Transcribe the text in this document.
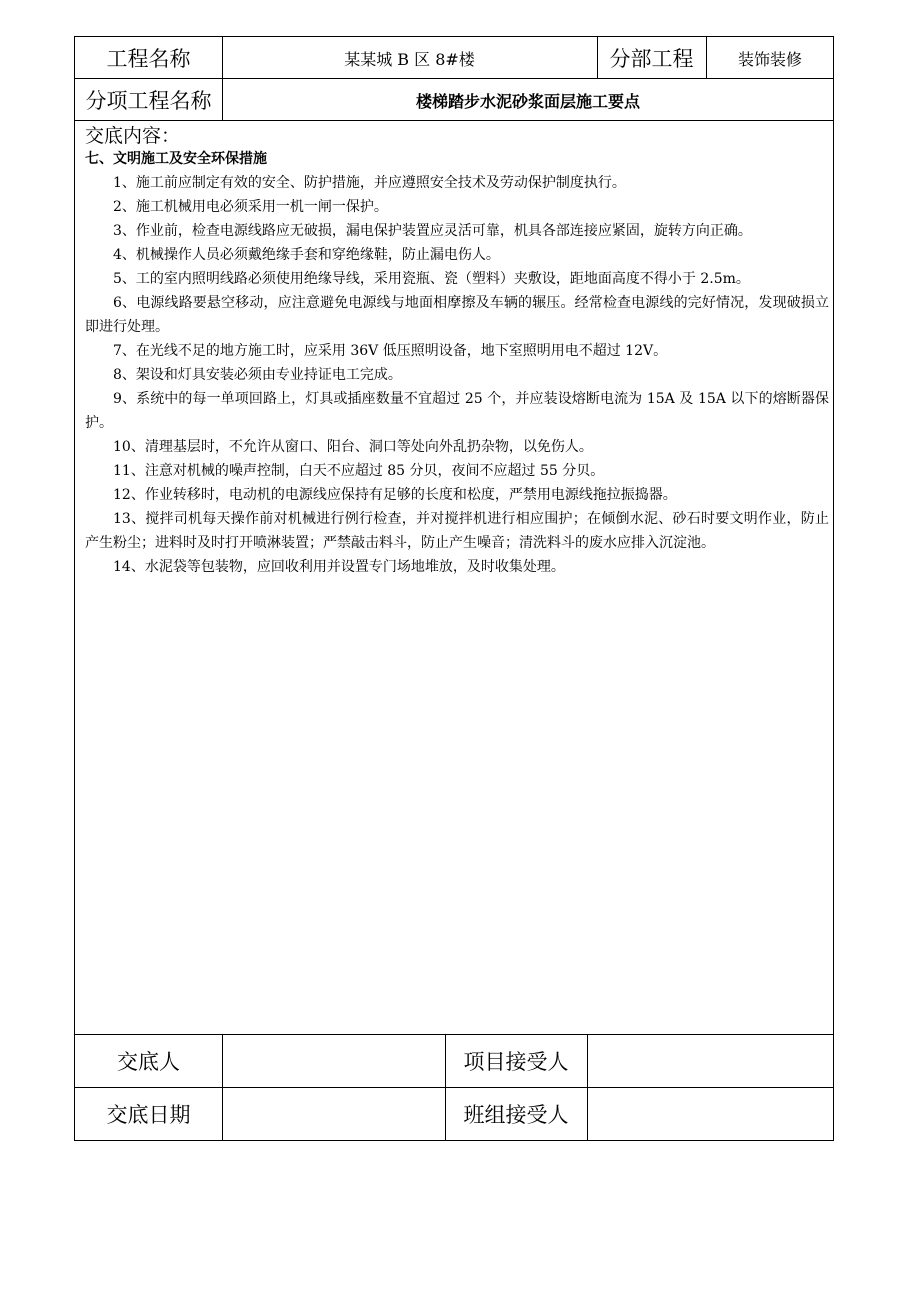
工程名称	某某城 B 区 8#楼	分部工程	装饰装修
分项工程名称	楼梯踏步水泥砂浆面层施工要点

交底内容：

七、文明施工及安全环保措施

1、施工前应制定有效的安全、防护措施，并应遵照安全技术及劳动保护制度执行。

2、施工机械用电必须采用一机一闸一保护。

3、作业前，检查电源线路应无破损，漏电保护装置应灵活可靠，机具各部连接应紧固，旋转方向正确。

4、机械操作人员必须戴绝缘手套和穿绝缘鞋，防止漏电伤人。

5、工的室内照明线路必须使用绝缘导线，采用瓷瓶、瓷（塑料）夹敷设，距地面高度不得小于 2.5m。

6、电源线路要悬空移动，应注意避免电源线与地面相摩擦及车辆的辗压。经常检查电源线的完好情况，发现破损立即进行处理。

7、在光线不足的地方施工时，应采用 36V 低压照明设备，地下室照明用电不超过 12V。

8、架设和灯具安装必须由专业持证电工完成。

9、系统中的每一单项回路上，灯具或插座数量不宜超过 25 个，并应装设熔断电流为 15A 及 15A 以下的熔断器保护。

10、清理基层时，不允许从窗口、阳台、洞口等处向外乱扔杂物，以免伤人。

11、注意对机械的噪声控制，白天不应超过 85 分贝，夜间不应超过 55 分贝。

12、作业转移时，电动机的电源线应保持有足够的长度和松度，严禁用电源线拖拉振捣器。

13、搅拌司机每天操作前对机械进行例行检查，并对搅拌机进行相应围护；在倾倒水泥、砂石时要文明作业，防止产生粉尘；进料时及时打开喷淋装置；严禁敲击料斗，防止产生噪音；清洗料斗的废水应排入沉淀池。

14、水泥袋等包装物，应回收利用并设置专门场地堆放，及时收集处理。

交底人	项目接受人
交底日期	班组接受人
